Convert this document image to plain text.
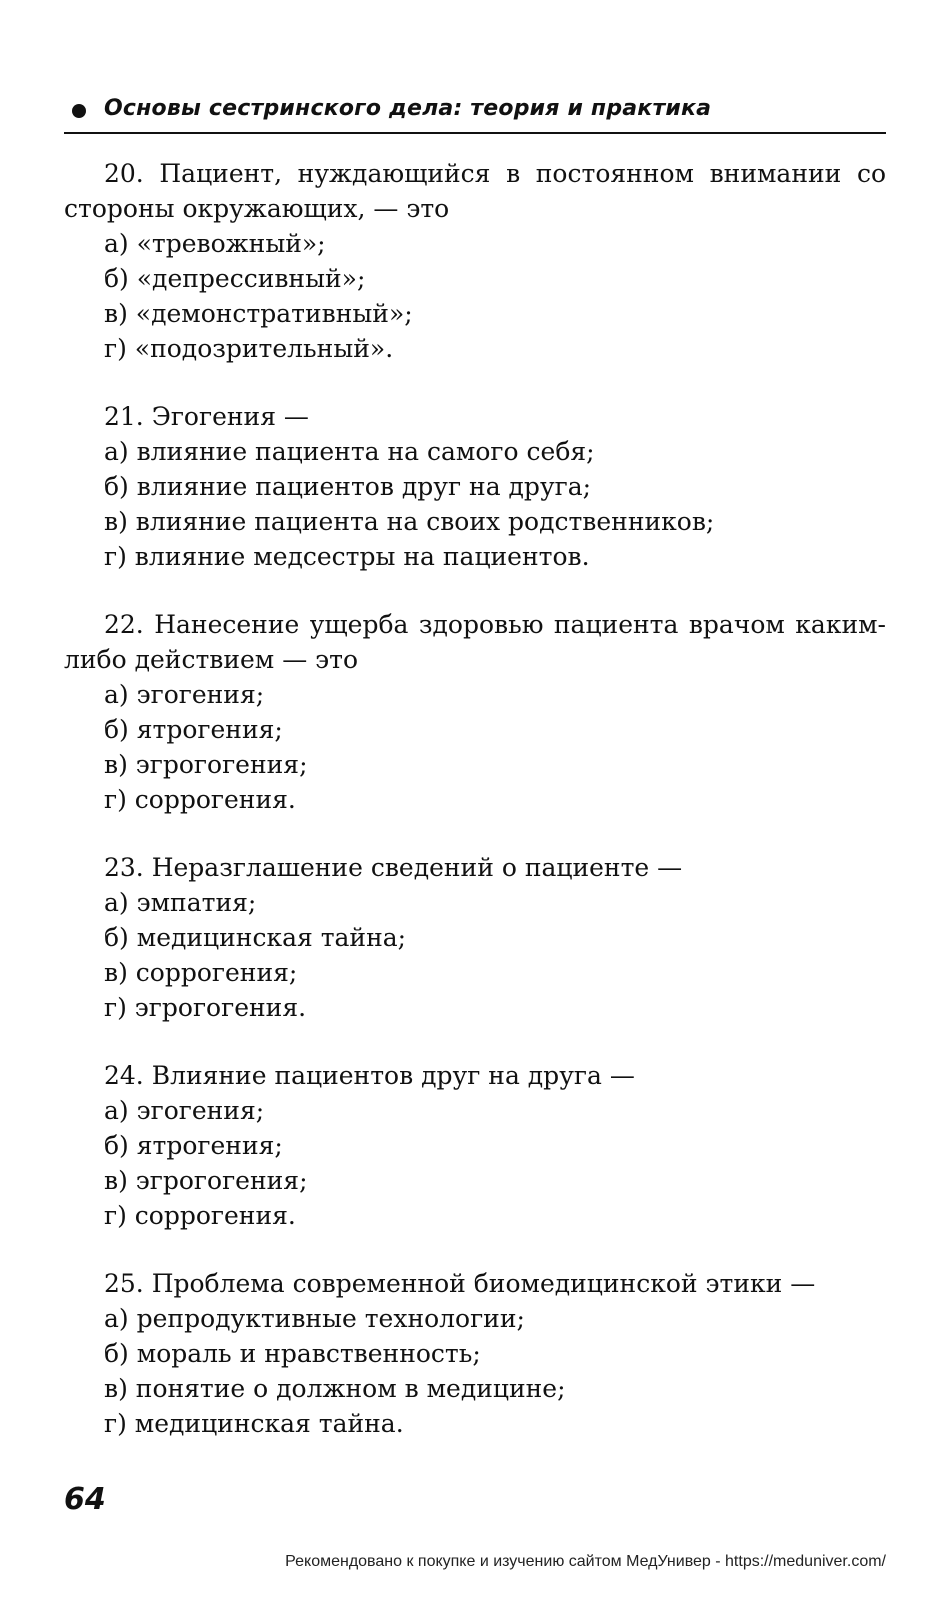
Основы сестринского дела: теория и практика
20. Пациент, нуждающийся в постоянном внимании со стороны окружающих, — это
а) «тревожный»;
б) «депрессивный»;
в) «демонстративный»;
г) «подозрительный».
21. Эгогения —
а) влияние пациента на самого себя;
б) влияние пациентов друг на друга;
в) влияние пациента на своих родственников;
г) влияние медсестры на пациентов.
22. Нанесение ущерба здоровью пациента врачом каким-либо действием — это
а) эгогения;
б) ятрогения;
в) эгрогогения;
г) соррогения.
23. Неразглашение сведений о пациенте —
а) эмпатия;
б) медицинская тайна;
в) соррогения;
г) эгрогогения.
24. Влияние пациентов друг на друга —
а) эгогения;
б) ятрогения;
в) эгрогогения;
г) соррогения.
25. Проблема современной биомедицинской этики —
а) репродуктивные технологии;
б) мораль и нравственность;
в) понятие о должном в медицине;
г) медицинская тайна.
64
Рекомендовано к покупке и изучению сайтом МедУнивер - https://meduniver.com/
